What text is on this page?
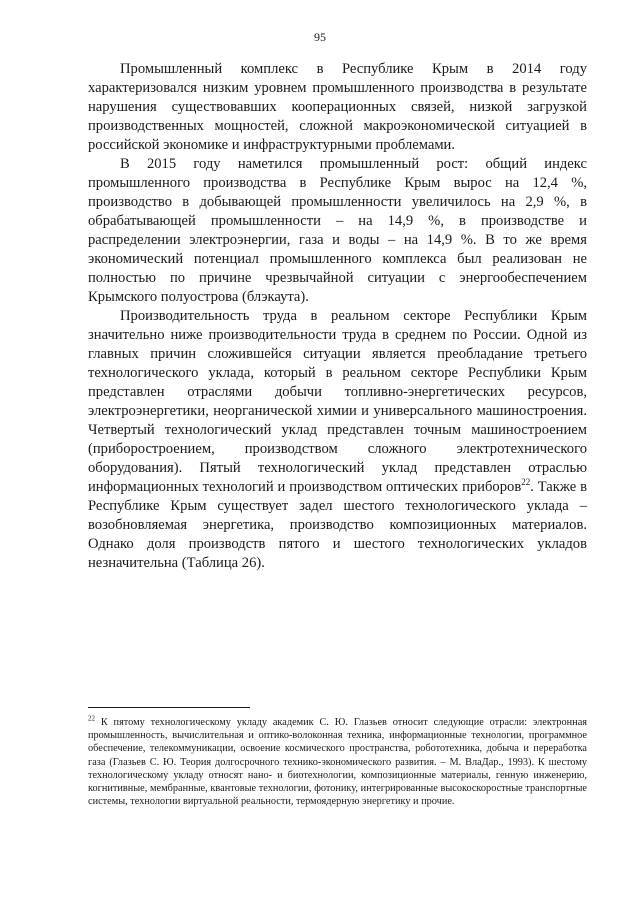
95

Промышленный комплекс в Республике Крым в 2014 году характеризовался низким уровнем промышленного производства в результате нарушения существовавших кооперационных связей, низкой загрузкой производственных мощностей, сложной макроэкономической ситуацией в российской экономике и инфраструктурными проблемами.

В 2015 году наметился промышленный рост: общий индекс промышленного производства в Республике Крым вырос на 12,4 %, производство в добывающей промышленности увеличилось на 2,9 %, в обрабатывающей промышленности – на 14,9 %, в производстве и распределении электроэнергии, газа и воды – на 14,9 %. В то же время экономический потенциал промышленного комплекса был реализован не полностью по причине чрезвычайной ситуации с энергообеспечением Крымского полуострова (блэкаута).

Производительность труда в реальном секторе Республики Крым значительно ниже производительности труда в среднем по России. Одной из главных причин сложившейся ситуации является преобладание третьего технологического уклада, который в реальном секторе Республики Крым представлен отраслями добычи топливно-энергетических ресурсов, электроэнергетики, неорганической химии и универсального машиностроения. Четвертый технологический уклад представлен точным машиностроением (приборостроением, производством сложного электротехнического оборудования). Пятый технологический уклад представлен отраслью информационных технологий и производством оптических приборов$^{22}$. Также в Республике Крым существует задел шестого технологического уклада – возобновляемая энергетика, производство композиционных материалов. Однако доля производств пятого и шестого технологических укладов незначительна (Таблица 26).

$^{22}$ К пятому технологическому укладу академик С. Ю. Глазьев относит следующие отрасли: электронная промышленность, вычислительная и оптико-волоконная техника, информационные технологии, программное обеспечение, телекоммуникации, освоение космического пространства, робототехника, добыча и переработка газа (Глазьев С. Ю. Теория долгосрочного технико-экономического развития. – М. ВлаДар., 1993). К шестому технологическому укладу относят нано- и биотехнологии, композиционные материалы, генную инженерию, когнитивные, мембранные, квантовые технологии, фотонику, интегрированные высокоскоростные транспортные системы, технологии виртуальной реальности, термоядерную энергетику и прочие.
